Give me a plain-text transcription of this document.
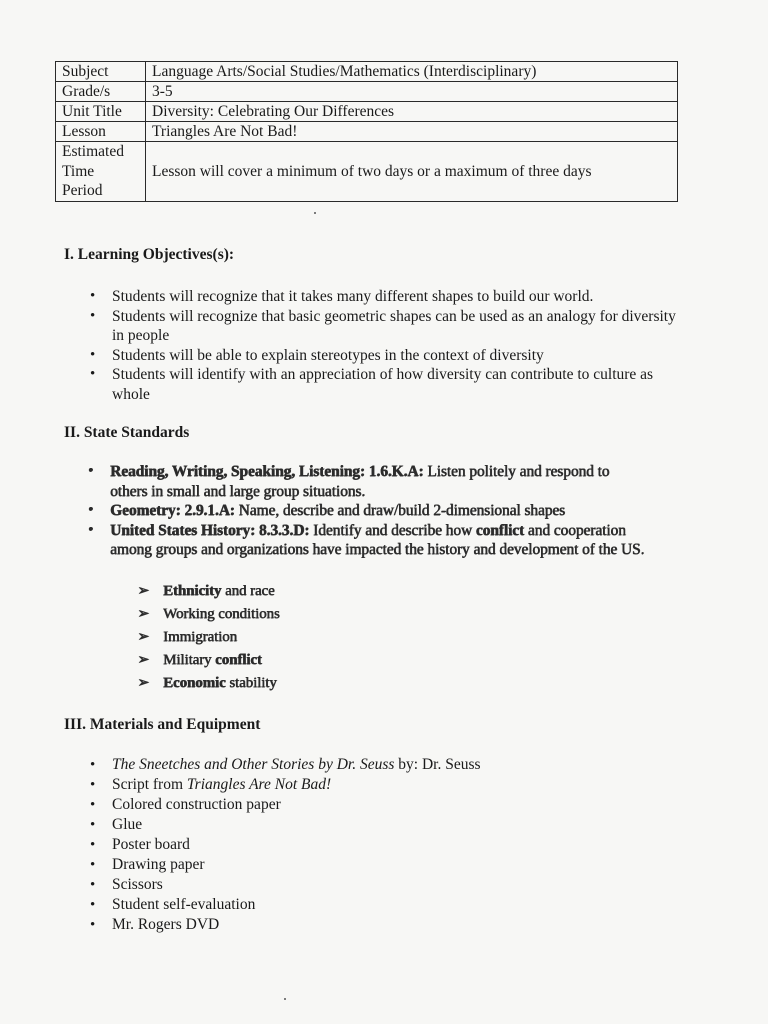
Subject	Language Arts/Social Studies/Mathematics (Interdisciplinary)
Grade/s	3-5
Unit Title	Diversity: Celebrating Our Differences
Lesson	Triangles Are Not Bad!

Estimated
Time
Period	Lesson will cover a minimum of two days or a maximum of three days
I. Learning Objectives(s):
• Students will recognize that it takes many different shapes to build our world.
• Students will recognize that basic geometric shapes can be used as an analogy for diversity in people
• Students will be able to explain stereotypes in the context of diversity
• Students will identify with an appreciation of how diversity can contribute to culture as whole
II. State Standards
• Reading, Writing, Speaking, Listening: 1.6.K.A: Listen politely and respond to others in small and large group situations.
• Geometry: 2.9.1.A: Name, describe and draw/build 2-dimensional shapes
• United States History: 8.3.3.D: Identify and describe how conflict and cooperation among groups and organizations have impacted the history and development of the US.
➢ Ethnicity and race
➢ Working conditions
➢ Immigration
➢ Military conflict
➢ Economic stability
III. Materials and Equipment
• The Sneetches and Other Stories by Dr. Seuss by: Dr. Seuss
• Script from Triangles Are Not Bad!
• Colored construction paper
• Glue
• Poster board
• Drawing paper
• Scissors
• Student self-evaluation
• Mr. Rogers DVD
